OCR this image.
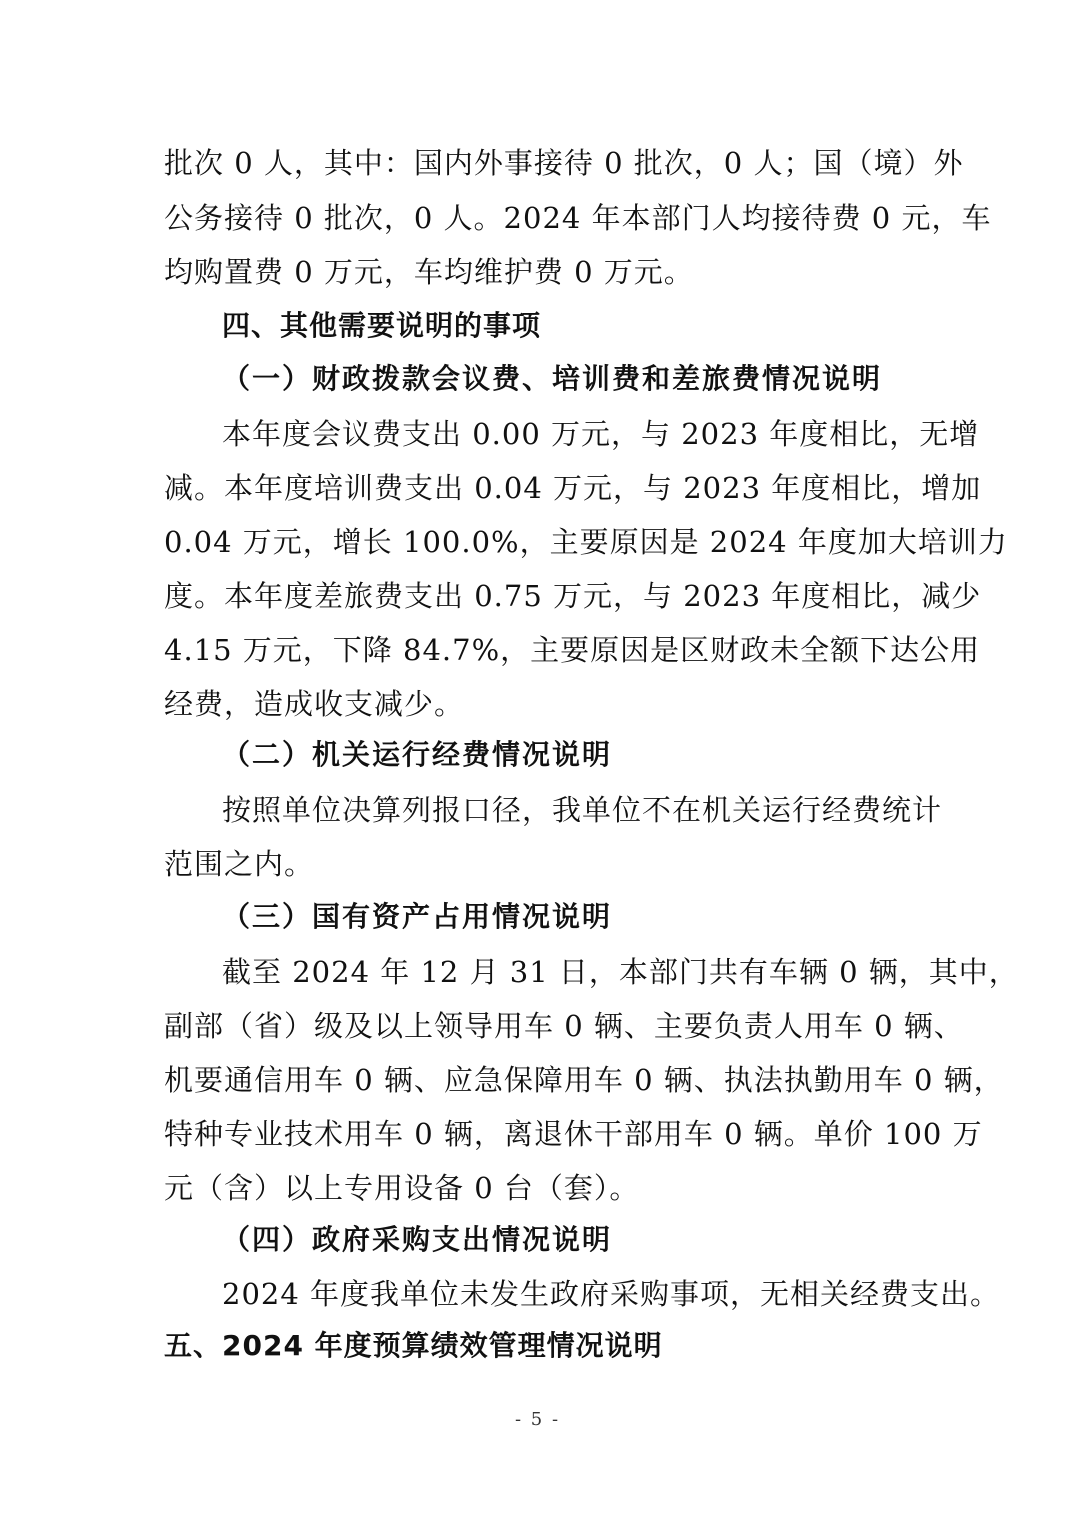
批次 0 人，其中：国内外事接待 0 批次，0 人；国（境）外
公务接待 0 批次，0 人。2024 年本部门人均接待费 0 元，车
均购置费 0 万元，车均维护费 0 万元。
四、其他需要说明的事项
（一）财政拨款会议费、培训费和差旅费情况说明
本年度会议费支出 0.00 万元，与 2023 年度相比，无增
减。本年度培训费支出 0.04 万元，与 2023 年度相比，增加
0.04 万元，增长 100.0%，主要原因是 2024 年度加大培训力
度。本年度差旅费支出 0.75 万元，与 2023 年度相比，减少
4.15 万元，下降 84.7%，主要原因是区财政未全额下达公用
经费，造成收支减少。
（二）机关运行经费情况说明
按照单位决算列报口径，我单位不在机关运行经费统计
范围之内。
（三）国有资产占用情况说明
截至 2024 年 12 月 31 日，本部门共有车辆 0 辆，其中，
副部（省）级及以上领导用车 0 辆、主要负责人用车 0 辆、
机要通信用车 0 辆、应急保障用车 0 辆、执法执勤用车 0 辆，
特种专业技术用车 0 辆，离退休干部用车 0 辆。单价 100 万
元（含）以上专用设备 0 台（套）。
（四）政府采购支出情况说明
2024 年度我单位未发生政府采购事项，无相关经费支出。
五、2024 年度预算绩效管理情况说明
- 5 -
